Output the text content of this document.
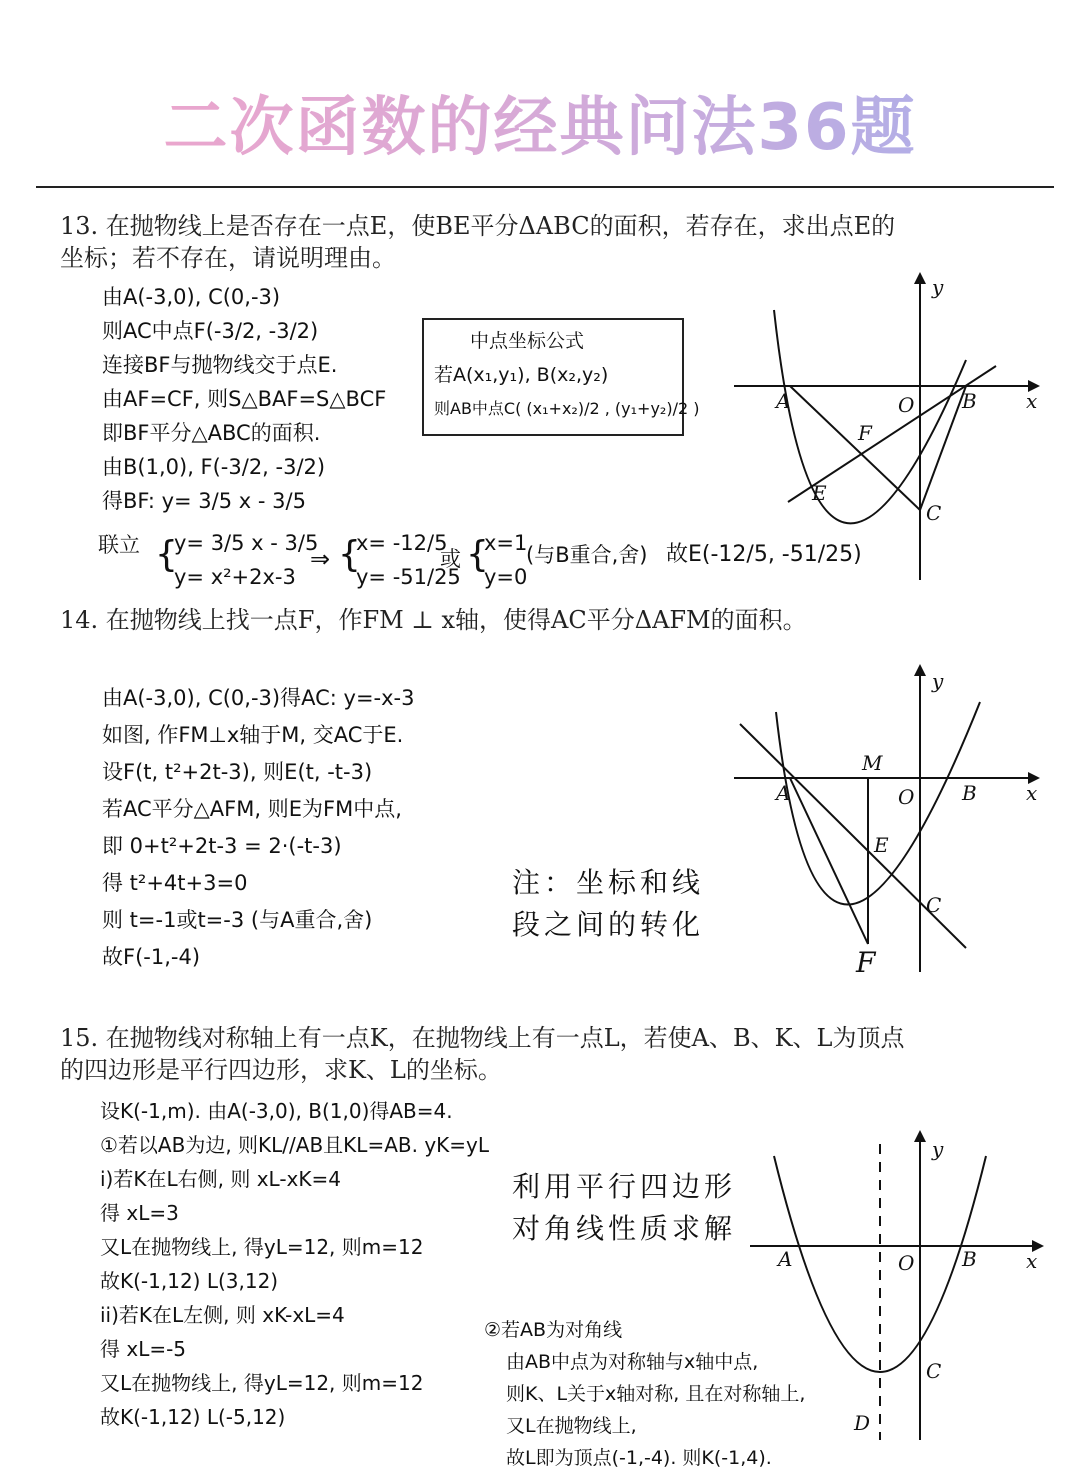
二次函数的经典问法36题
13. 在抛物线上是否存在一点E，使BE平分ΔABC的面积，若存在，求出点E的
坐标；若不存在，请说明理由。
由A(-3,0), C(0,-3)
则AC中点F(-3/2, -3/2)
连接BF与抛物线交于点E.
由AF=CF, 则S△BAF=S△BCF
即BF平分△ABC的面积.
由B(1,0), F(-3/2, -3/2)
得BF: y= 3/5 x - 3/5
联立 {
y= 3/5 x - 3/5
y= x²+2x-3
⇒ {
x= -12/5
y= -51/25
或 {
x=1
y=0
(与B重合,舍) 故E(-12/5, -51/25)
中点坐标公式
若A(x₁,y₁), B(x₂,y₂)
则AB中点C( (x₁+x₂)/2 , (y₁+y₂)/2 )
y
x
A	O B
F
E
C
14. 在抛物线上找一点F，作FM ⊥ x轴，使得AC平分ΔAFM的面积。
由A(-3,0), C(0,-3)得AC: y=-x-3
如图, 作FM⊥x轴于M, 交AC于E.
设F(t, t²+2t-3), 则E(t, -t-3)
若AC平分△AFM, 则E为FM中点,
即 0+t²+2t-3 = 2·(-t-3)
得 t²+4t+3=0
则 t=-1或t=-3 (与A重合,舍)
故F(-1,-4)
注：坐标和线
段之间的转化
y
x
A	O B
M
E
C
F
15. 在抛物线对称轴上有一点K，在抛物线上有一点L，若使A、B、K、L为顶点
的四边形是平行四边形，求K、L的坐标。
设K(-1,m). 由A(-3,0), B(1,0)得AB=4.
①若以AB为边, 则KL//AB且KL=AB. yK=yL
i)若K在L右侧, 则 xL-xK=4
得 xL=3
又L在抛物线上, 得yL=12, 则m=12
故K(-1,12) L(3,12)
ii)若K在L左侧, 则 xK-xL=4
得 xL=-5
又L在抛物线上, 得yL=12, 则m=12
故K(-1,12) L(-5,12)
利用平行四边形
对角线性质求解
②若AB为对角线
由AB中点为对称轴与x轴中点,
则K、L关于x轴对称, 且在对称轴上,
又L在抛物线上,
故L即为顶点(-1,-4). 则K(-1,4).
y
x
A	O B
C
D
